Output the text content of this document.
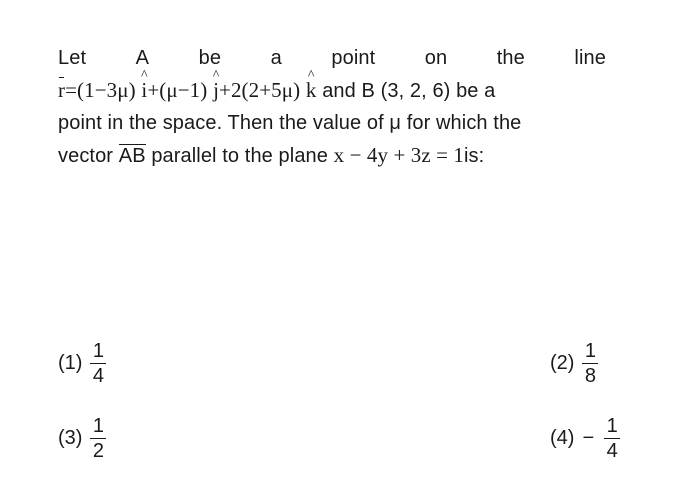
Let A be a point on the line
r=(1−3μ) ^ i+(μ−1) ^ j+2(2+5μ) ^ k and B (3, 2, 6) be a
point in the space. Then the value of μ for which the
vector AB parallel to the plane x − 4y + 3z = 1is:
$(1) \frac{1}{4}$	$(2) \frac{1}{8}$
$(3) \frac{1}{2}$	$(4) - \frac{1}{4}$
